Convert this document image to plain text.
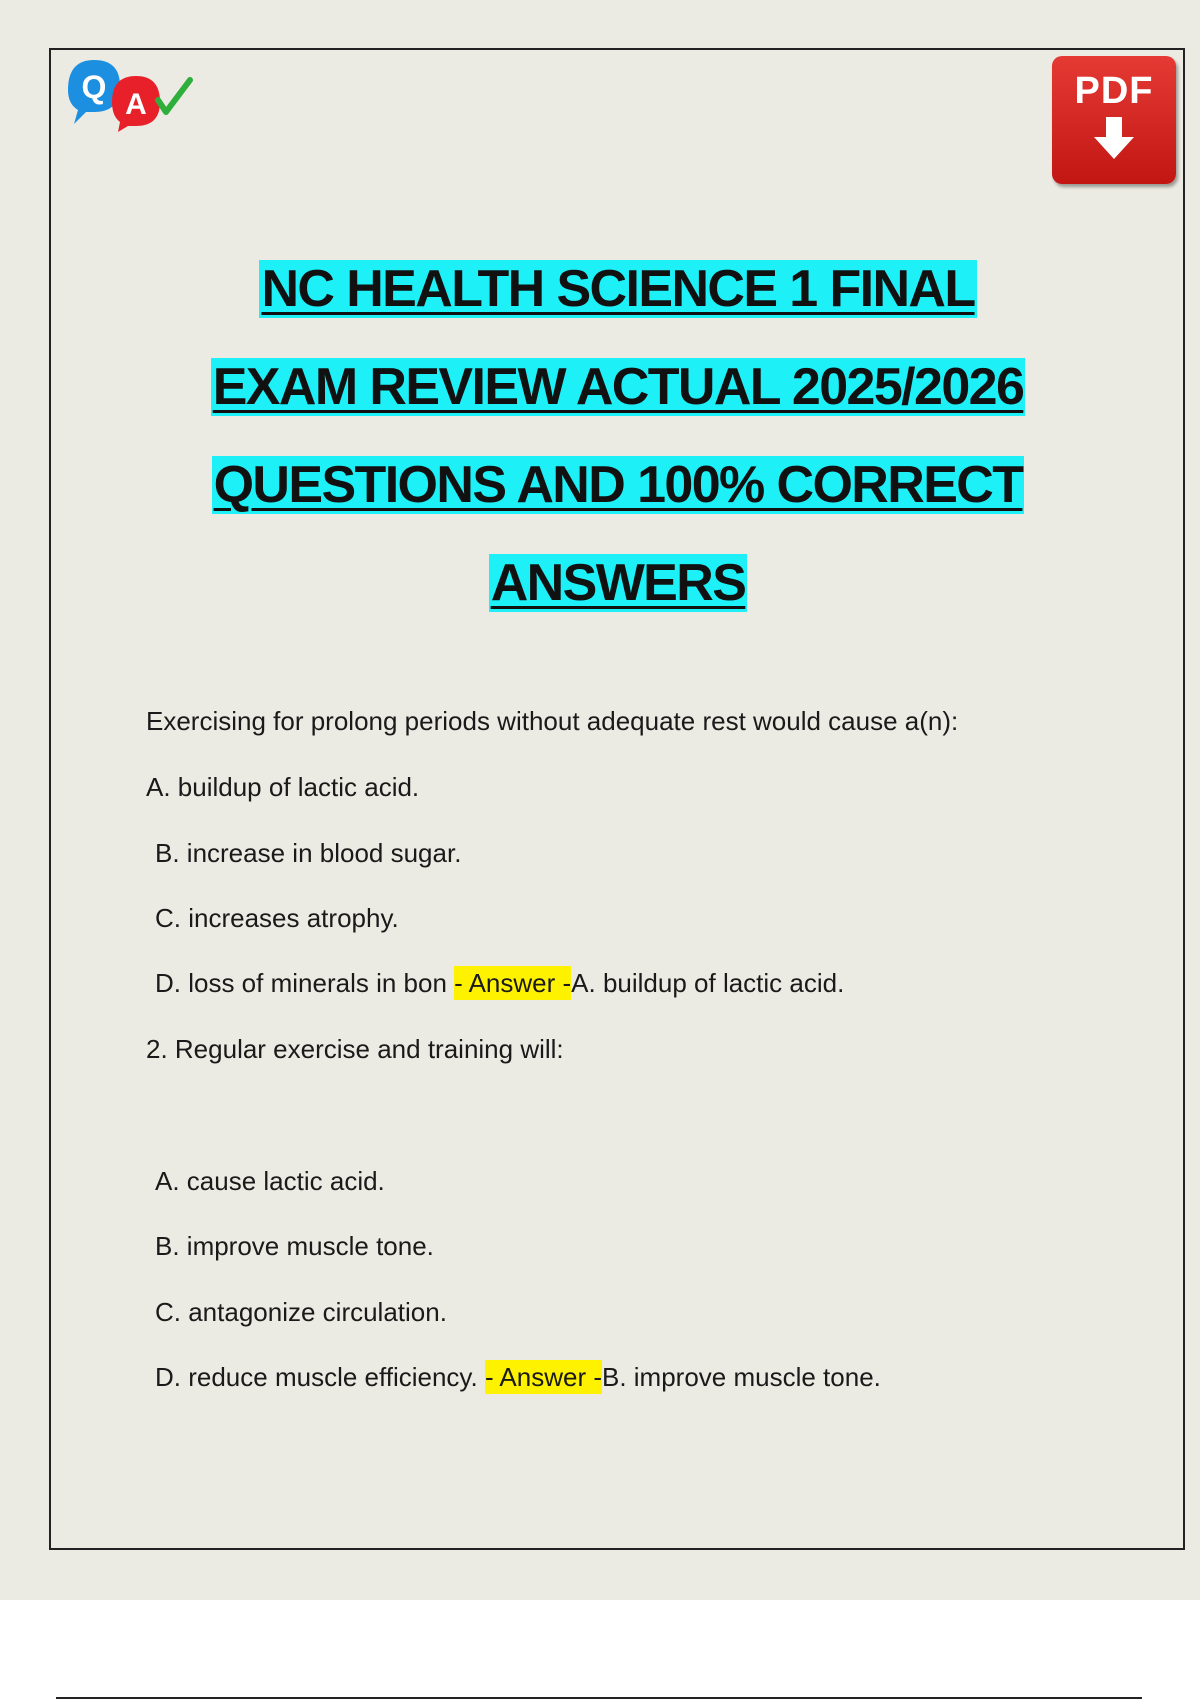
Q A	PDF
NC HEALTH SCIENCE 1 FINAL
EXAM REVIEW ACTUAL 2025/2026
QUESTIONS AND 100% CORRECT
ANSWERS
Exercising for prolong periods without adequate rest would cause a(n):
A. buildup of lactic acid.
B. increase in blood sugar.
C. increases atrophy.
D. loss of minerals in bon - Answer -A. buildup of lactic acid.
2. Regular exercise and training will:
A. cause lactic acid.
B. improve muscle tone.
C. antagonize circulation.
D. reduce muscle efficiency. - Answer -B. improve muscle tone.
